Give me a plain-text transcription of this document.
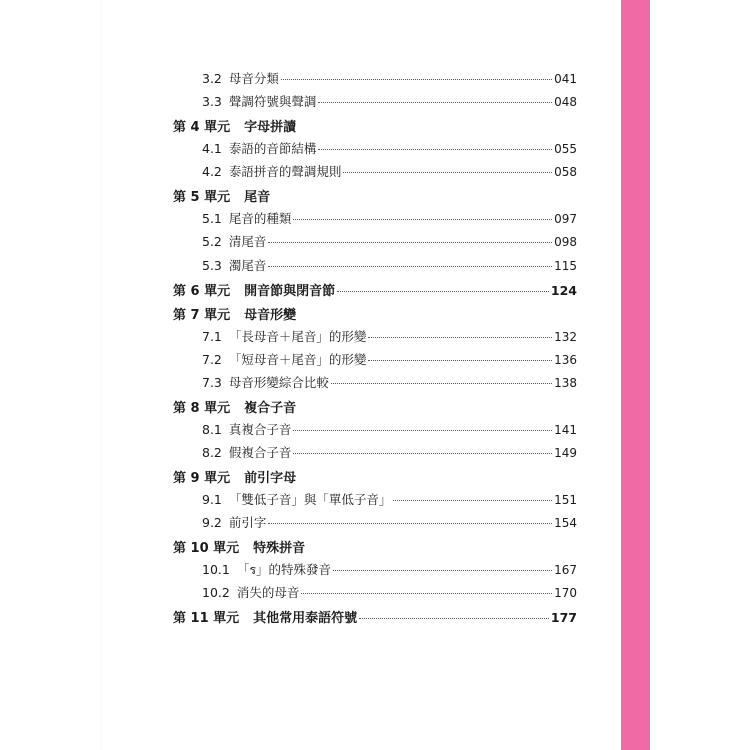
3.2 母音分類	041
3.3 聲調符號與聲調	048
第 4 單元 字母拼讀
4.1 泰語的音節結構	055
4.2 泰語拼音的聲調規則	058
第 5 單元 尾音
5.1 尾音的種類	097
5.2 清尾音	098
5.3 濁尾音	115
第 6 單元 開音節與閉音節	124
第 7 單元 母音形變
7.1 「長母音＋尾音」的形變	132
7.2 「短母音＋尾音」的形變	136
7.3 母音形變綜合比較	138
第 8 單元 複合子音
8.1 真複合子音	141
8.2 假複合子音	149
第 9 單元 前引字母
9.1 「雙低子音」與「單低子音」	151
9.2 前引字	154
第 10 單元 特殊拼音
10.1 「ร」的特殊發音	167
10.2 消失的母音	170
第 11 單元 其他常用泰語符號	177
